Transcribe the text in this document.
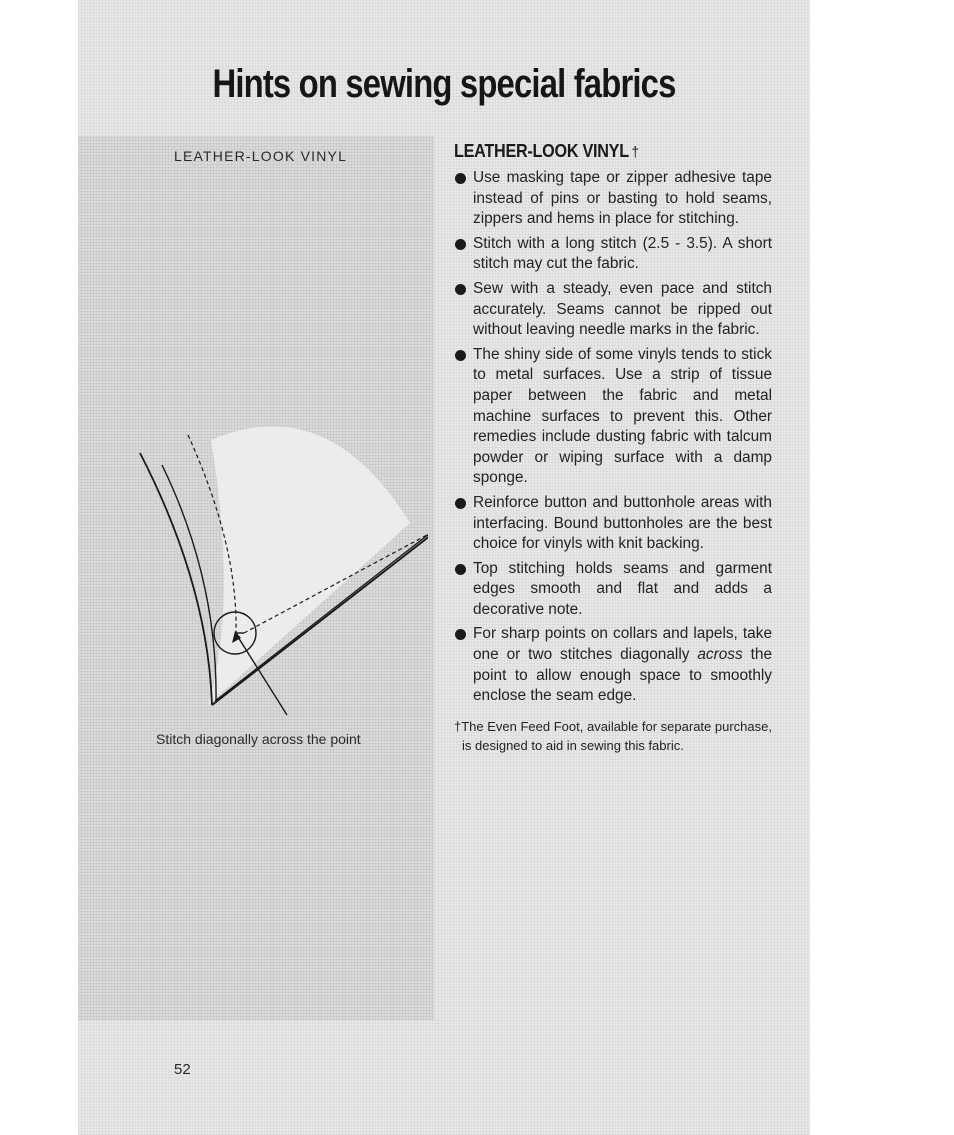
Hints on sewing special fabrics

LEATHER-LOOK VINYL

Stitch diagonally across the point

LEATHER-LOOK VINYL †
Use masking tape or zipper adhesive tape instead of pins or basting to hold seams, zippers and hems in place for stitching.
Stitch with a long stitch (2.5 - 3.5). A short stitch may cut the fabric.
Sew with a steady, even pace and stitch accurately. Seams cannot be ripped out without leaving needle marks in the fabric.
The shiny side of some vinyls tends to stick to metal surfaces. Use a strip of tissue paper between the fabric and metal machine surfaces to prevent this. Other remedies include dusting fabric with talcum powder or wiping surface with a damp sponge.
Reinforce button and buttonhole areas with interfacing. Bound buttonholes are the best choice for vinyls with knit backing.
Top stitching holds seams and garment edges smooth and flat and adds a decorative note.
For sharp points on collars and lapels, take one or two stitches diagonally across the point to allow enough space to smoothly enclose the seam edge.

†The Even Feed Foot, available for separate purchase, is designed to aid in sewing this fabric.

52
